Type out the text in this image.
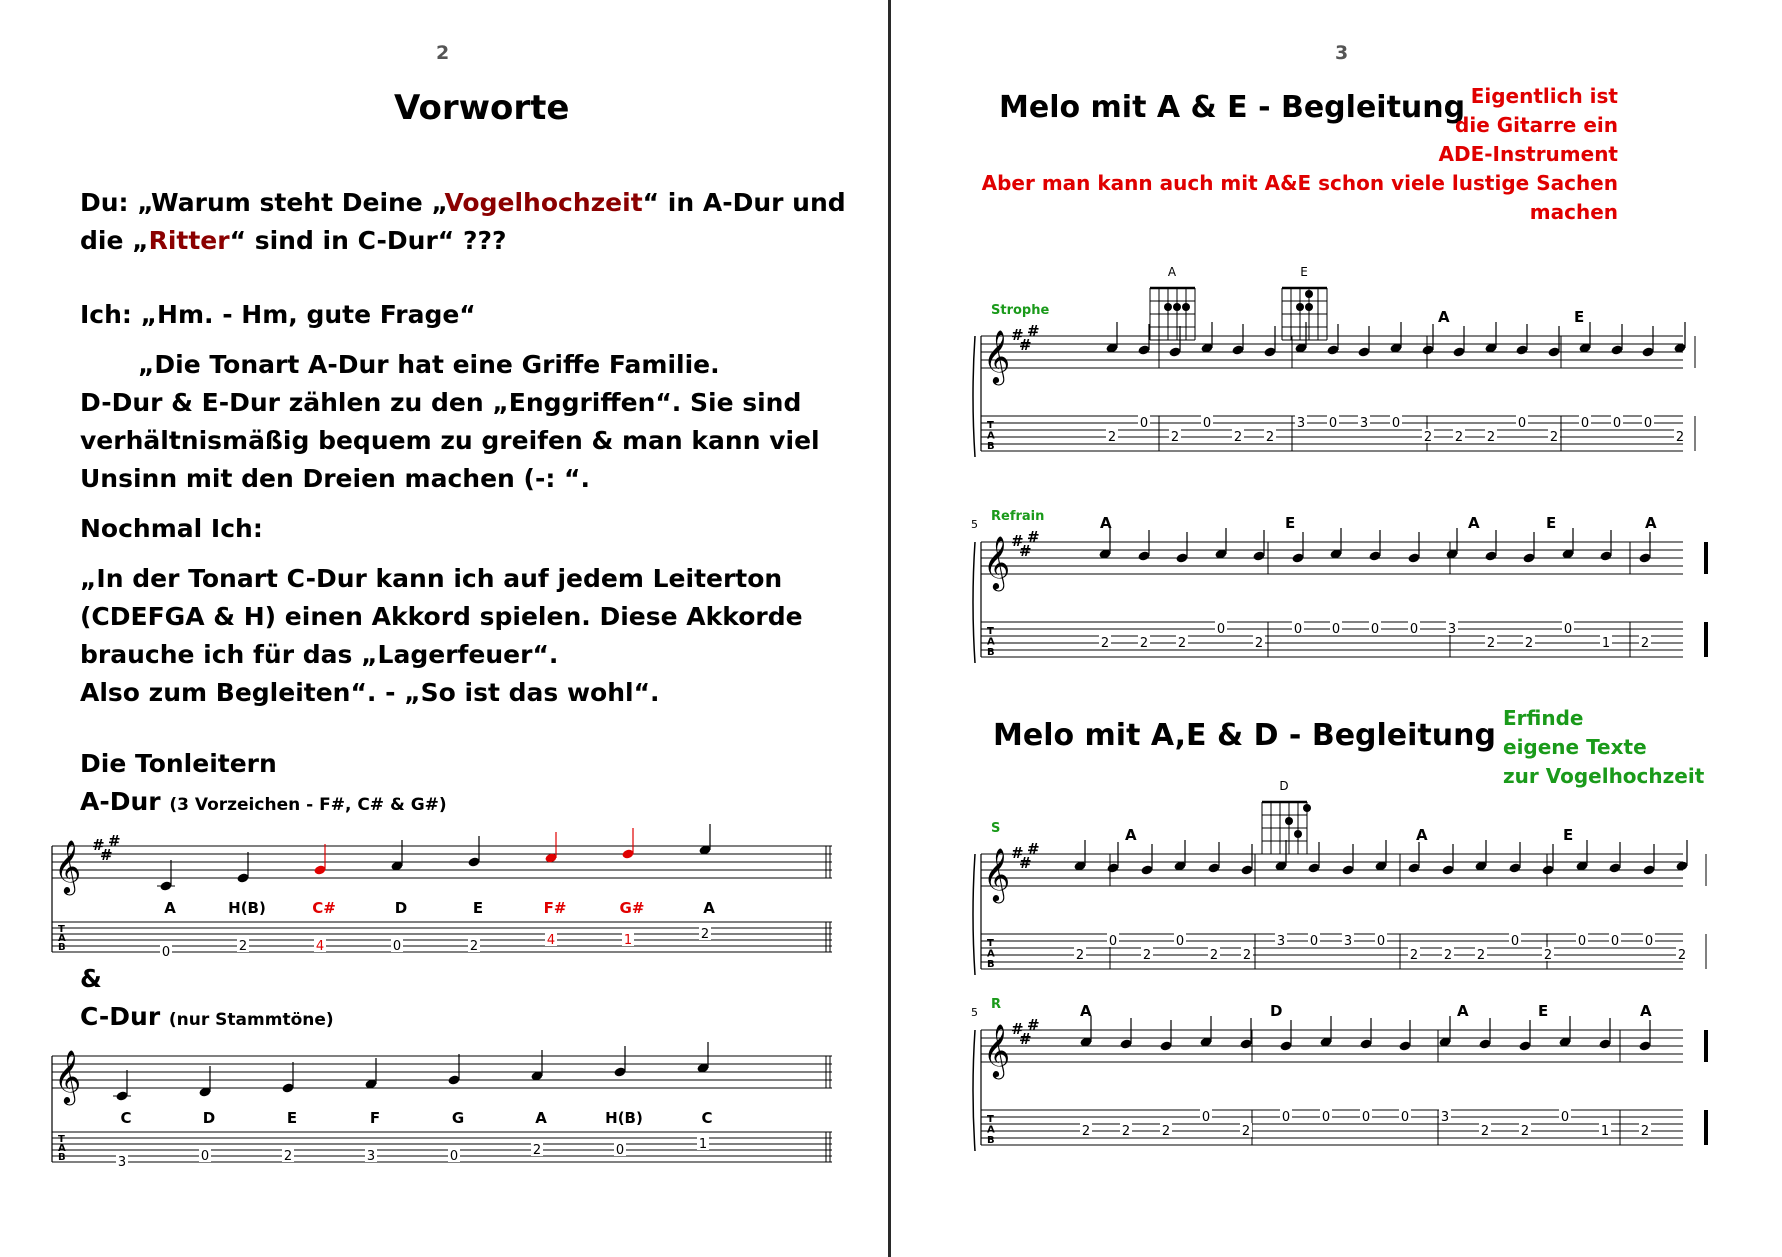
2
Vorworte
Du: „Warum steht Deine „Vogelhochzeit“ in A-Dur und
die „Ritter“ sind in C-Dur“ ???
Ich: „Hm. - Hm, gute Frage“
„Die Tonart A-Dur hat eine Griffe Familie.
D-Dur & E-Dur zählen zu den „Enggriffen“. Sie sind
verhältnismäßig bequem zu greifen & man kann viel
Unsinn mit den Dreien machen (-: “.
Nochmal Ich:
„In der Tonart C-Dur kann ich auf jedem Leiterton
(CDEFGA & H) einen Akkord spielen. Diese Akkorde
brauche ich für das „Lagerfeuer“.
Also zum Begleiten“. - „So ist das wohl“.
Die Tonleitern
A-Dur (3 Vorzeichen - F#, C# & G#)
T
A
B
𝄞 #
#
#
A
0
H(B)
2
C#
4
D
0
E
2
F#
4
G#
1
A
2
&
C-Dur (nur Stammtöne)
T
A
B
𝄞
C
3
D
0
E
2
F
3
G
0
A
2
H(B)
0
C
1
3
Melo mit A & E - Begleitung Eigentlich ist
die Gitarre ein
ADE-Instrument
Aber man kann auch mit A&E schon viele lustige Sachen machen
A	E
T
A
B
𝄞 #
#
#
Strophe	A	E
2
0
2
0
2 2
3 0 3 0
2 2 2
0
2
0 0 0
2
T
A
B
𝄞 #
#
#
Refrain
5	A	E	A	E	A
2 2 2
0
2
0 0 0 0 3
2 2
0
1 2
Melo mit A,E & D - Begleitung Erfinde
eigene Texte
zur Vogelhochzeit
D
T
A
B
𝄞 #
#
#
S	A	A	E
2
0
2
0
2 2
3 0 3 0
2 2 2
0
2
0 0 0
2
T
A
B
𝄞 #
#
#
R
5	A	D	A	E	A
2 2 2
0
2
0 0 0 0 3
2 2
0
1 2
